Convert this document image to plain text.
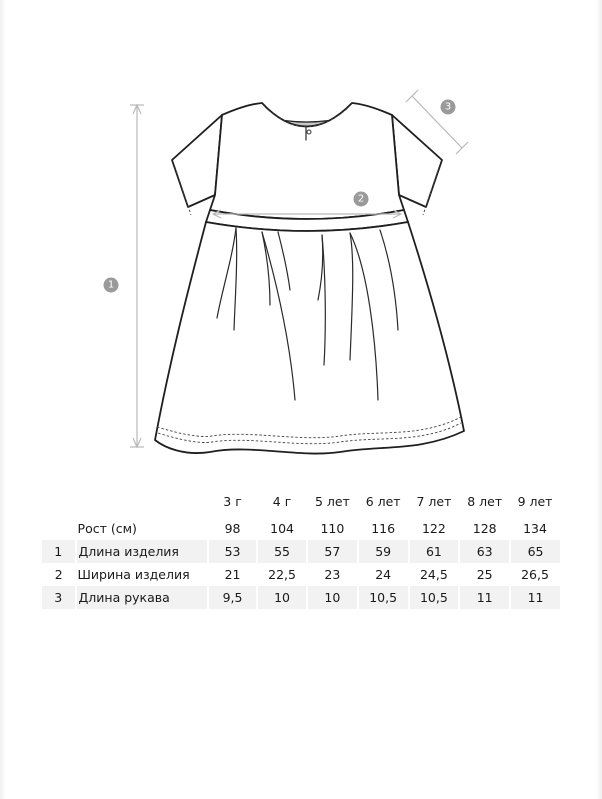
1
2
3
		3 г	4 г	5 лет	6 лет	7 лет	8 лет	9 лет

	Рост (см)	98	104	110	116	122	128	134
1	Длина изделия	53	55	57	59	61	63	65
2	Ширина изделия	21	22,5	23	24	24,5	25	26,5
3	Длина рукава	9,5	10	10	10,5	10,5	11	11
